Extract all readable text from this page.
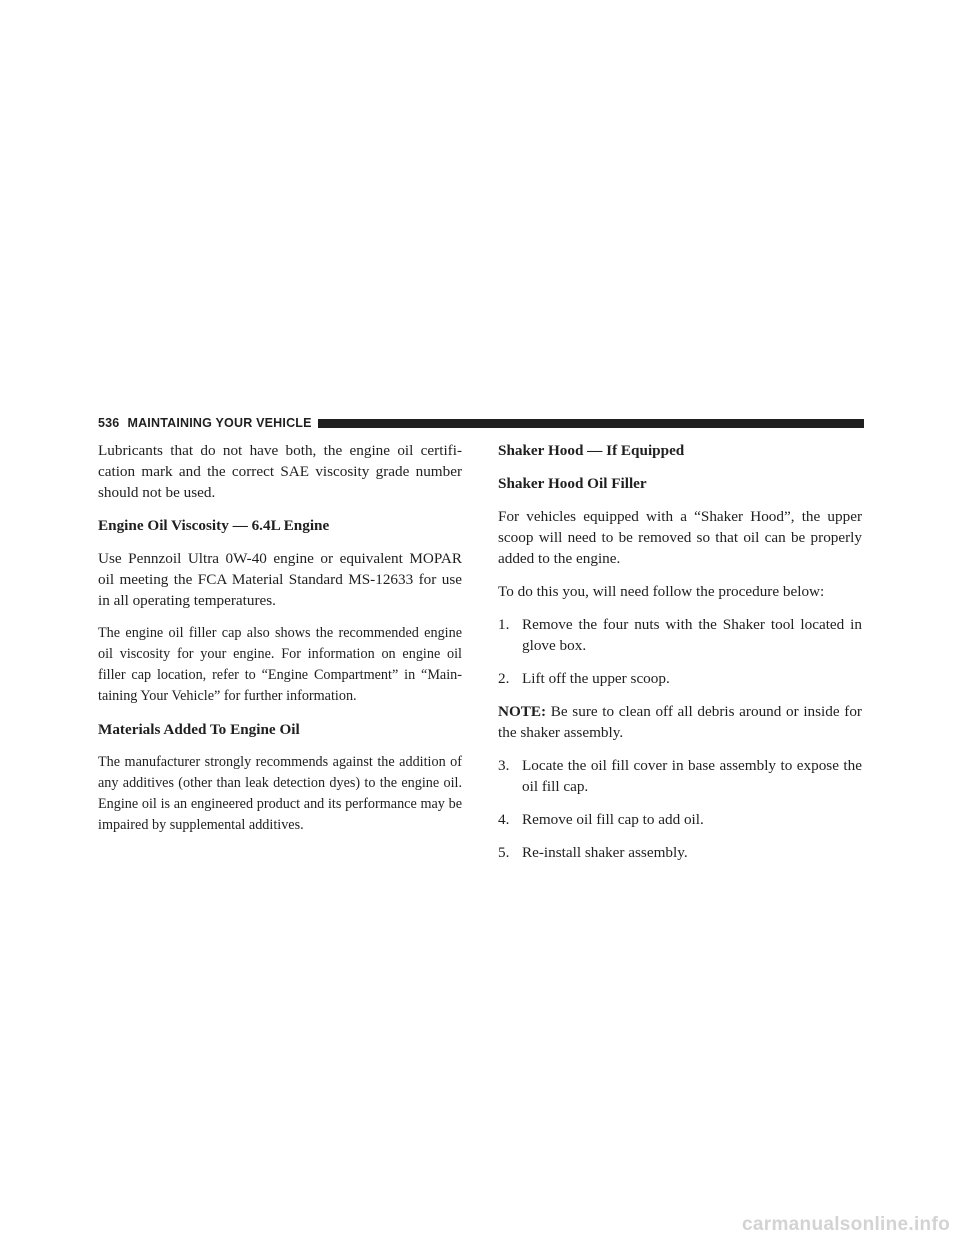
536 MAINTAINING YOUR VEHICLE

Lubricants that do not have both, the engine oil certification mark and the correct SAE viscosity grade number should not be used.

Engine Oil Viscosity — 6.4L Engine

Use Pennzoil Ultra 0W-40 engine or equivalent MOPAR oil meeting the FCA Material Standard MS-12633 for use in all operating temperatures.

The engine oil filler cap also shows the recommended engine oil viscosity for your engine. For information on engine oil filler cap location, refer to “Engine Compartment” in “Maintaining Your Vehicle” for further information.

Materials Added To Engine Oil

The manufacturer strongly recommends against the addition of any additives (other than leak detection dyes) to the engine oil. Engine oil is an engineered product and its performance may be impaired by supplemental additives.

Shaker Hood — If Equipped
Shaker Hood Oil Filler

For vehicles equipped with a “Shaker Hood”, the upper scoop will need to be removed so that oil can be properly added to the engine.

To do this you, will need follow the procedure below:

1. Remove the four nuts with the Shaker tool located in glove box.
2. Lift off the upper scoop.

NOTE: Be sure to clean off all debris around or inside for the shaker assembly.

3. Locate the oil fill cover in base assembly to expose the oil fill cap.
4. Remove oil fill cap to add oil.
5. Re-install shaker assembly.
carmanualsonline.info
